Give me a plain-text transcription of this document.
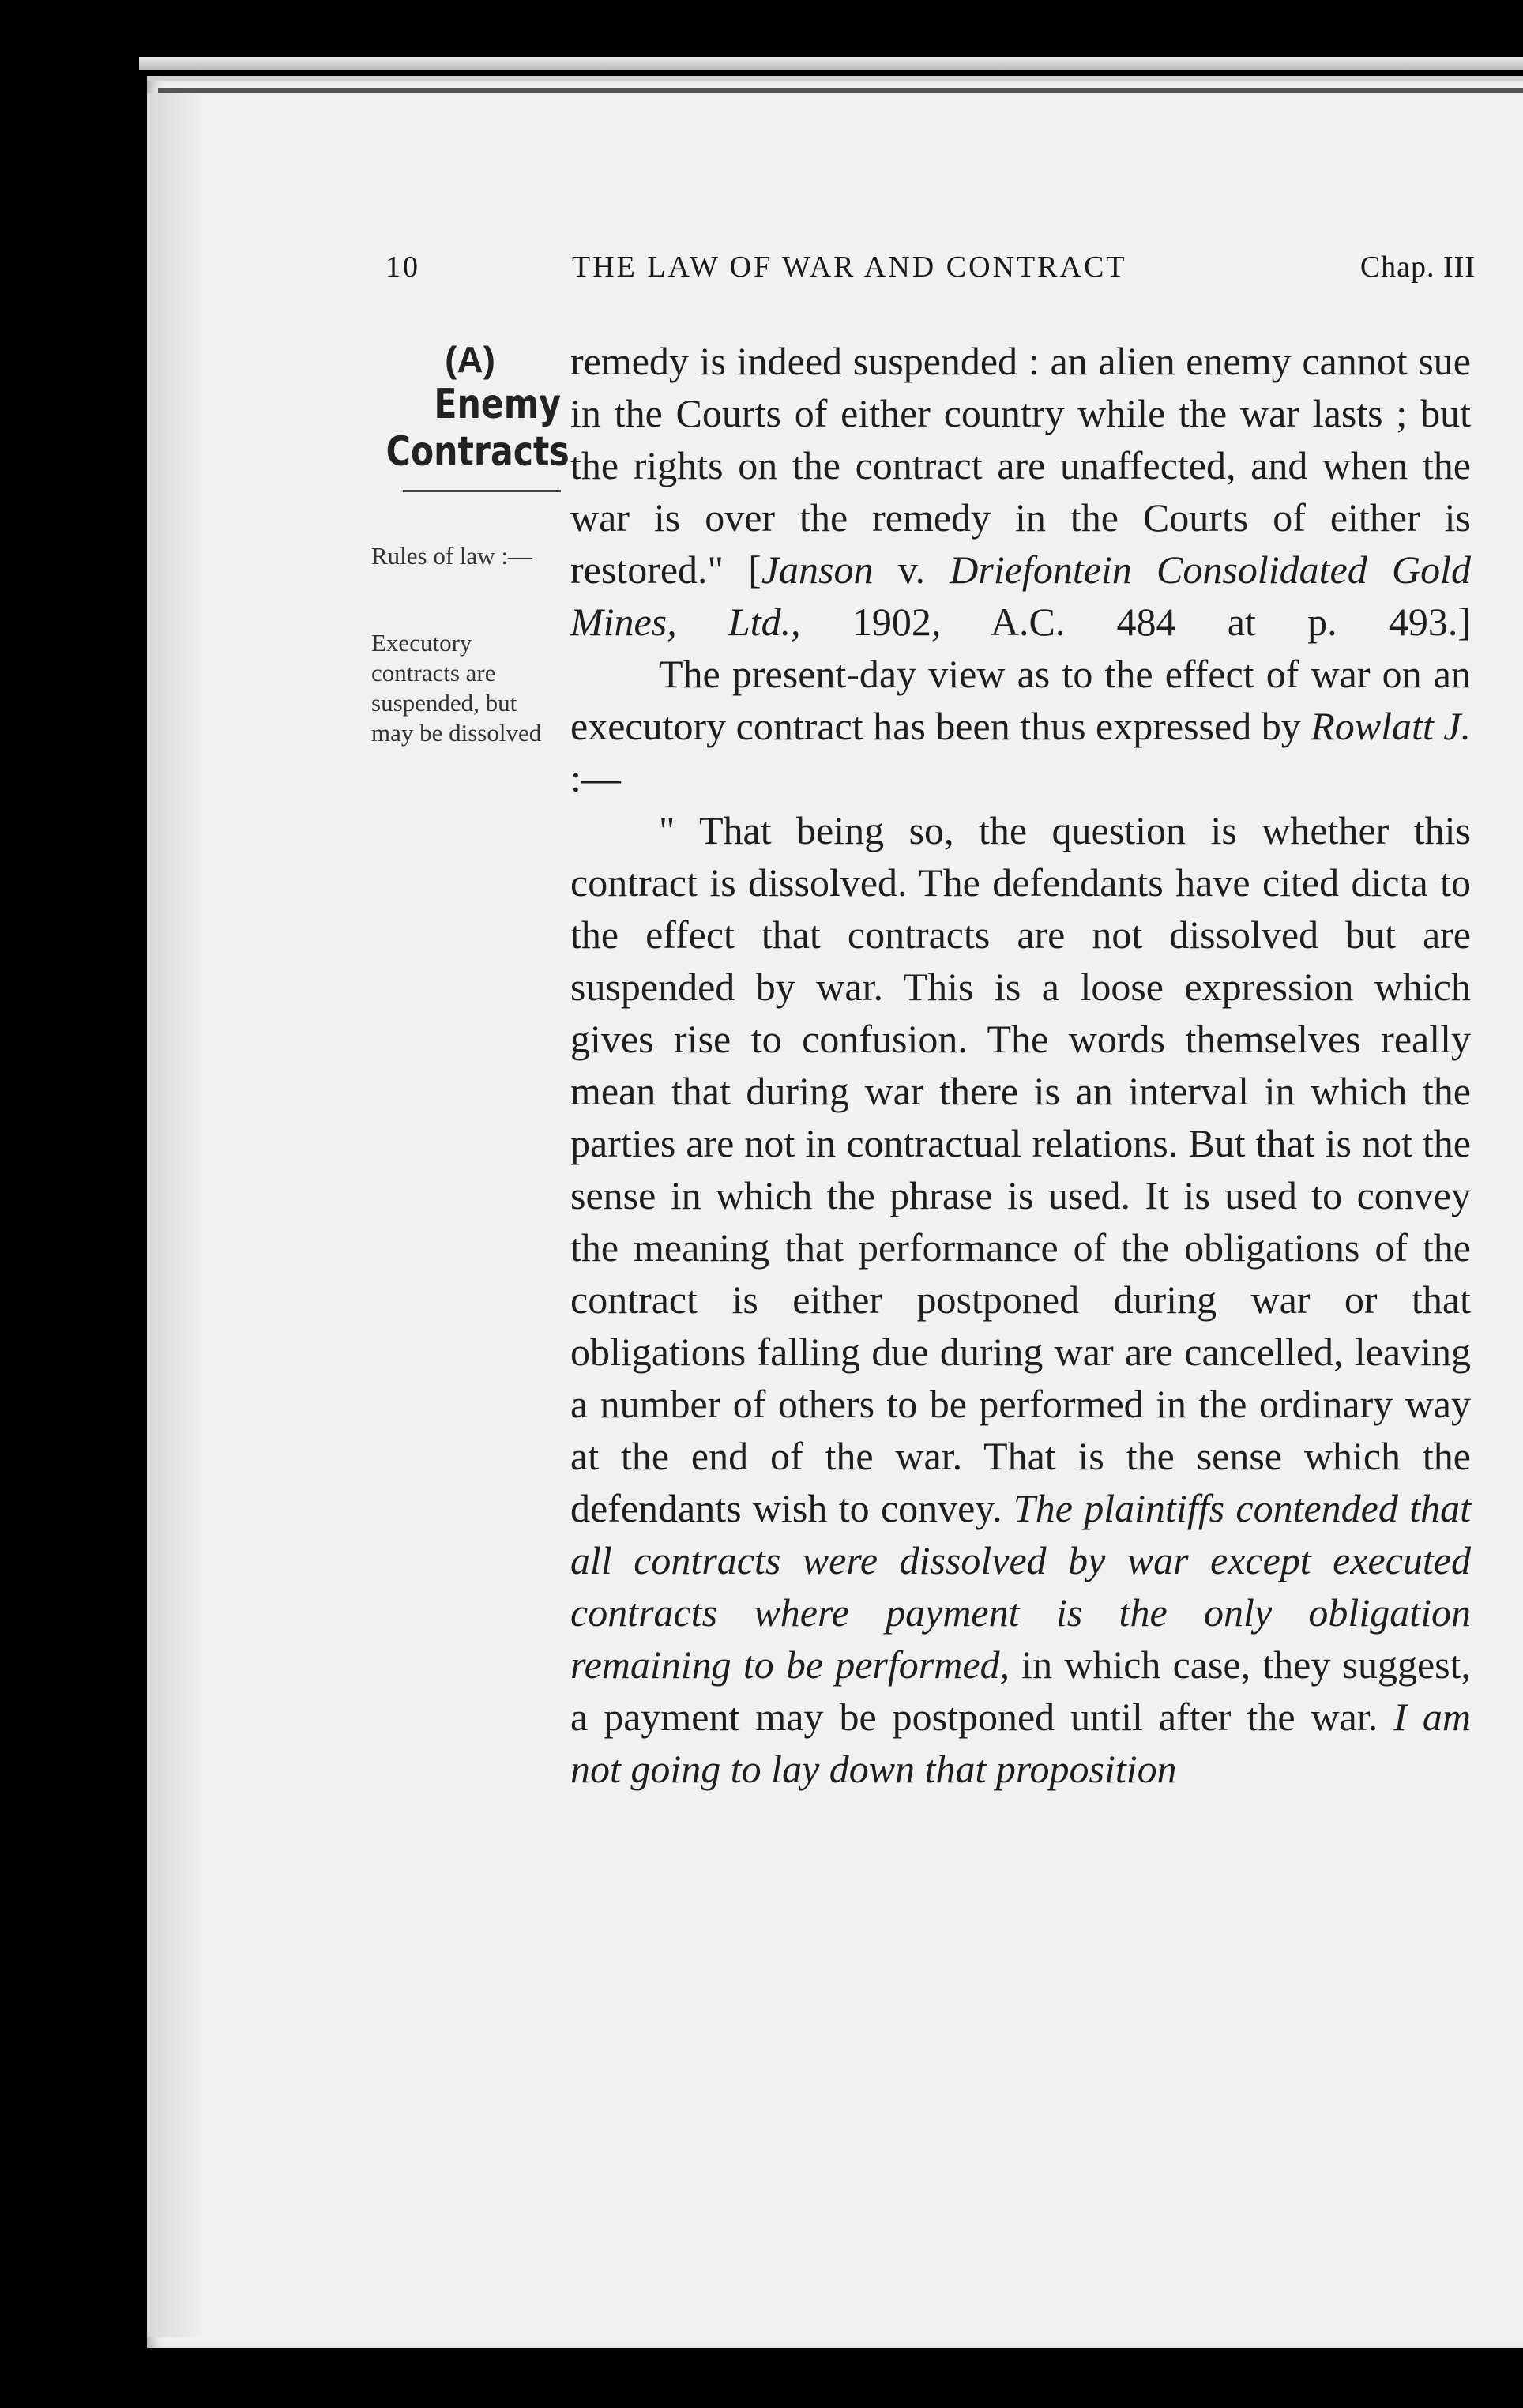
10	THE LAW OF WAR AND CONTRACT	Chap. III
(A)
Enemy
Contracts
Rules of law :—
Executory contracts are suspended, but may be dissolved

remedy is indeed suspended : an alien enemy cannot sue in the Courts of either country while the war lasts ; but the rights on the contract are unaffected, and when the war is over the remedy in the Courts of either is restored." [Janson v. Driefontein Consolidated Gold Mines, Ltd., 1902, A.C. 484 at p. 493.]

The present-day view as to the effect of war on an executory contract has been thus expressed by Rowlatt J. :—

" That being so, the question is whether this contract is dissolved. The defendants have cited dicta to the effect that contracts are not dissolved but are suspended by war. This is a loose expression which gives rise to confusion. The words themselves really mean that during war there is an interval in which the parties are not in contractual relations. But that is not the sense in which the phrase is used. It is used to convey the meaning that performance of the obligations of the contract is either postponed during war or that obligations falling due during war are cancelled, leaving a number of others to be performed in the ordinary way at the end of the war. That is the sense which the defendants wish to convey. The plaintiffs contended that all contracts were dissolved by war except executed contracts where payment is the only obligation remaining to be performed, in which case, they suggest, a payment may be postponed until after the war. I am not going to lay down that proposition
